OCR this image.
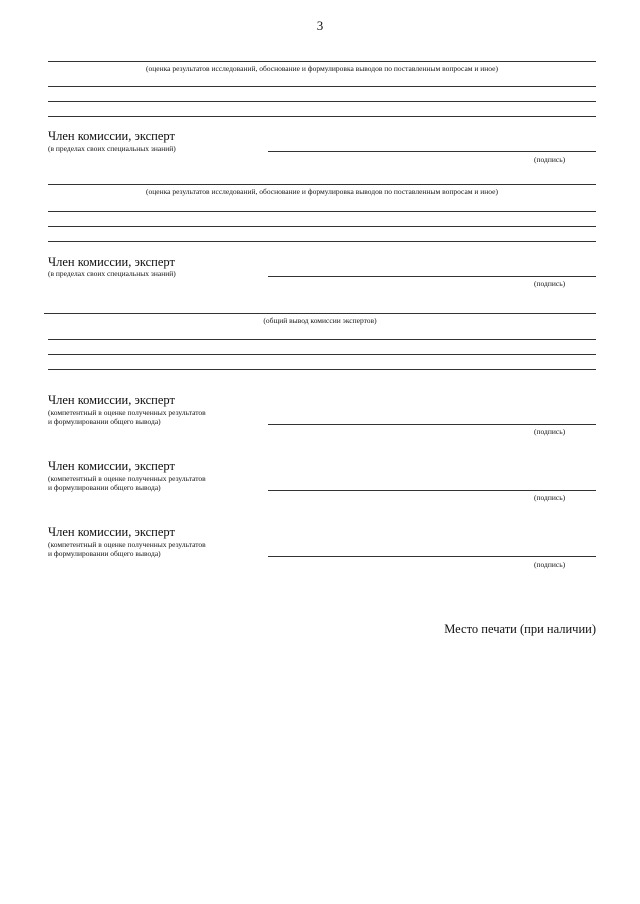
3
(оценка результатов исследований, обоснование и формулировка выводов по поставленным вопросам и иное)
Член комиссии, эксперт
(в пределах своих специальных знаний)
(подпись)
(оценка результатов исследований, обоснование и формулировка выводов по поставленным вопросам и иное)
Член комиссии, эксперт
(в пределах своих специальных знаний)
(подпись)
(общий вывод комиссии экспертов)
Член комиссии, эксперт
(компетентный в оценке полученных результатов
и формулировании общего вывода)
(подпись)
Член комиссии, эксперт
(компетентный в оценке полученных результатов
и формулировании общего вывода)
(подпись)
Член комиссии, эксперт
(компетентный в оценке полученных результатов
и формулировании общего вывода)
(подпись)
Место печати (при наличии)
